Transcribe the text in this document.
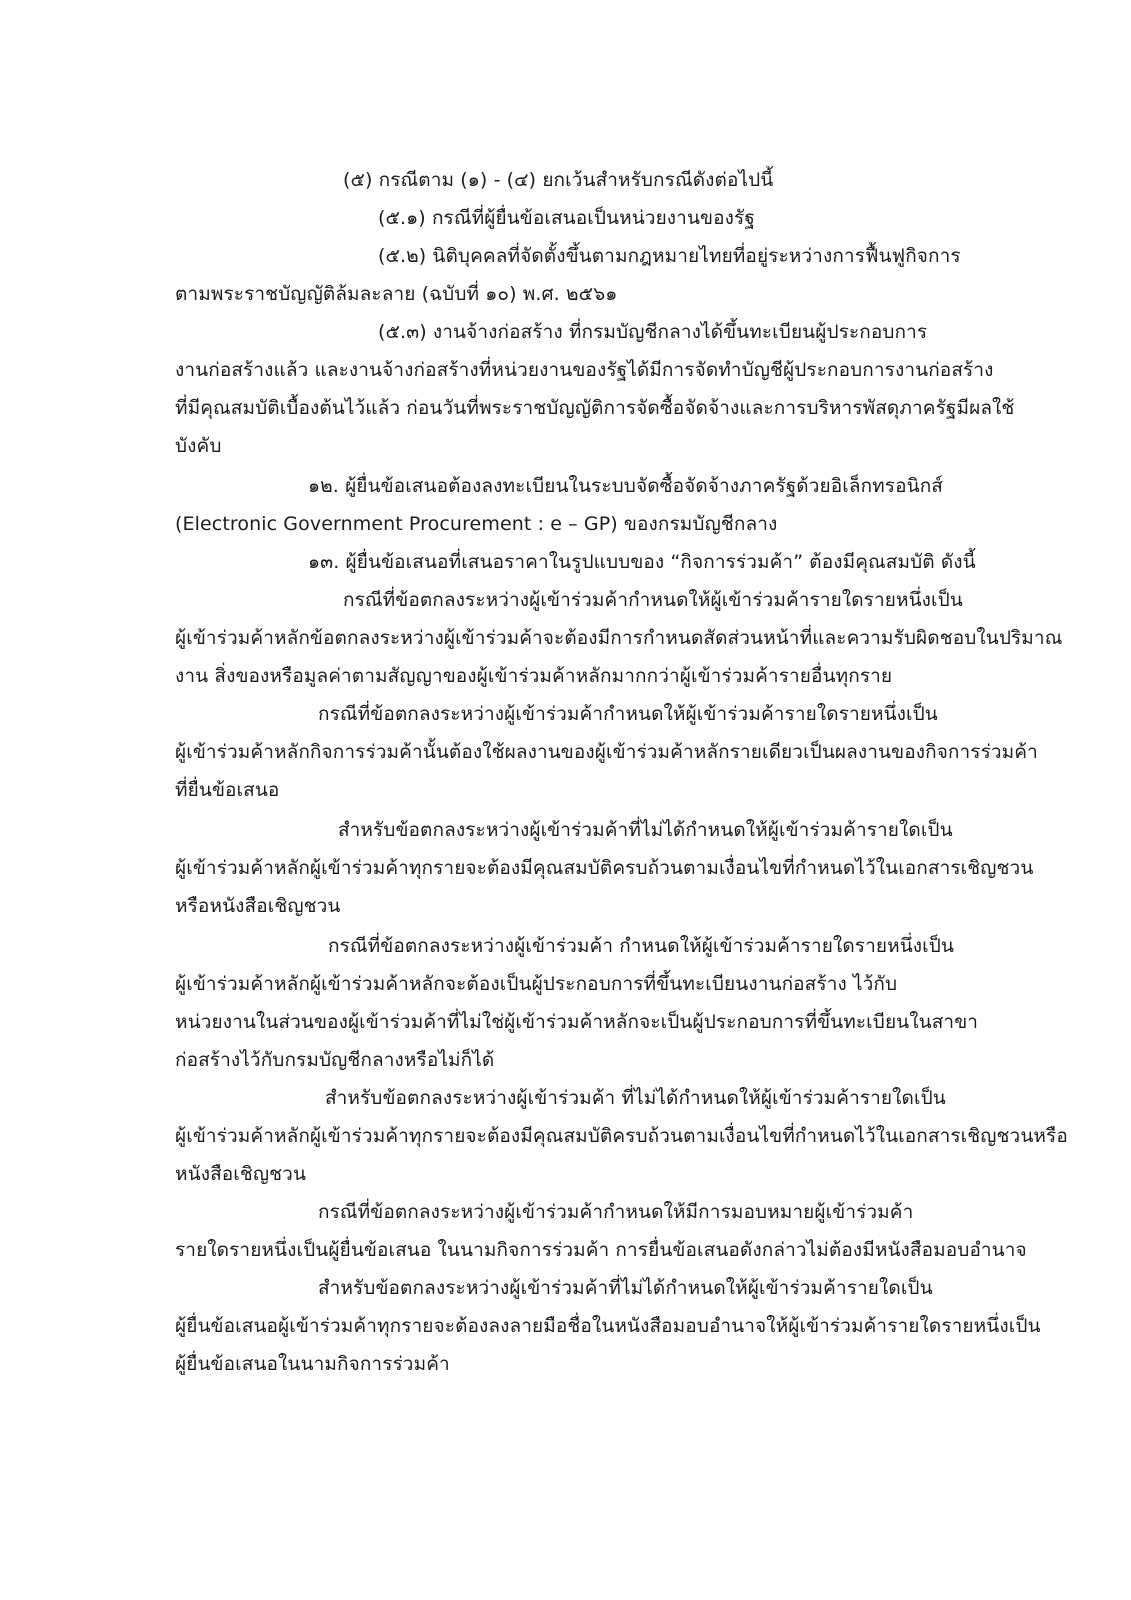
(๕) กรณีตาม (๑) - (๔) ยกเว้นสำหรับกรณีดังต่อไปนี้
(๕.๑) กรณีที่ผู้ยื่นข้อเสนอเป็นหน่วยงานของรัฐ
(๕.๒) นิติบุคคลที่จัดตั้งขึ้นตามกฎหมายไทยที่อยู่ระหว่างการฟื้นฟูกิจการ
ตามพระราชบัญญัติล้มละลาย (ฉบับที่ ๑๐) พ.ศ. ๒๕๖๑
(๕.๓) งานจ้างก่อสร้าง ที่กรมบัญชีกลางได้ขึ้นทะเบียนผู้ประกอบการ
งานก่อสร้างแล้ว และงานจ้างก่อสร้างที่หน่วยงานของรัฐได้มีการจัดทำบัญชีผู้ประกอบการงานก่อสร้าง
ที่มีคุณสมบัติเบื้องต้นไว้แล้ว ก่อนวันที่พระราชบัญญัติการจัดซื้อจัดจ้างและการบริหารพัสดุภาครัฐมีผลใช้
บังคับ
๑๒. ผู้ยื่นข้อเสนอต้องลงทะเบียนในระบบจัดซื้อจัดจ้างภาครัฐด้วยอิเล็กทรอนิกส์
(Electronic Government Procurement : e – GP) ของกรมบัญชีกลาง
๑๓. ผู้ยื่นข้อเสนอที่เสนอราคาในรูปแบบของ “กิจการร่วมค้า” ต้องมีคุณสมบัติ ดังนี้
กรณีที่ข้อตกลงระหว่างผู้เข้าร่วมค้ากำหนดให้ผู้เข้าร่วมค้ารายใดรายหนึ่งเป็น
ผู้เข้าร่วมค้าหลักข้อตกลงระหว่างผู้เข้าร่วมค้าจะต้องมีการกำหนดสัดส่วนหน้าที่และความรับผิดชอบในปริมาณ
งาน สิ่งของหรือมูลค่าตามสัญญาของผู้เข้าร่วมค้าหลักมากกว่าผู้เข้าร่วมค้ารายอื่นทุกราย
กรณีที่ข้อตกลงระหว่างผู้เข้าร่วมค้ากำหนดให้ผู้เข้าร่วมค้ารายใดรายหนึ่งเป็น
ผู้เข้าร่วมค้าหลักกิจการร่วมค้านั้นต้องใช้ผลงานของผู้เข้าร่วมค้าหลักรายเดียวเป็นผลงานของกิจการร่วมค้า
ที่ยื่นข้อเสนอ
สำหรับข้อตกลงระหว่างผู้เข้าร่วมค้าที่ไม่ได้กำหนดให้ผู้เข้าร่วมค้ารายใดเป็น
ผู้เข้าร่วมค้าหลักผู้เข้าร่วมค้าทุกรายจะต้องมีคุณสมบัติครบถ้วนตามเงื่อนไขที่กำหนดไว้ในเอกสารเชิญชวน
หรือหนังสือเชิญชวน
กรณีที่ข้อตกลงระหว่างผู้เข้าร่วมค้า กำหนดให้ผู้เข้าร่วมค้ารายใดรายหนึ่งเป็น
ผู้เข้าร่วมค้าหลักผู้เข้าร่วมค้าหลักจะต้องเป็นผู้ประกอบการที่ขึ้นทะเบียนงานก่อสร้าง ไว้กับ
หน่วยงานในส่วนของผู้เข้าร่วมค้าที่ไม่ใช่ผู้เข้าร่วมค้าหลักจะเป็นผู้ประกอบการที่ขึ้นทะเบียนในสาขา
ก่อสร้างไว้กับกรมบัญชีกลางหรือไม่ก็ได้
สำหรับข้อตกลงระหว่างผู้เข้าร่วมค้า ที่ไม่ได้กำหนดให้ผู้เข้าร่วมค้ารายใดเป็น
ผู้เข้าร่วมค้าหลักผู้เข้าร่วมค้าทุกรายจะต้องมีคุณสมบัติครบถ้วนตามเงื่อนไขที่กำหนดไว้ในเอกสารเชิญชวนหรือ
หนังสือเชิญชวน
กรณีที่ข้อตกลงระหว่างผู้เข้าร่วมค้ากำหนดให้มีการมอบหมายผู้เข้าร่วมค้า
รายใดรายหนึ่งเป็นผู้ยื่นข้อเสนอ ในนามกิจการร่วมค้า การยื่นข้อเสนอดังกล่าวไม่ต้องมีหนังสือมอบอำนาจ
สำหรับข้อตกลงระหว่างผู้เข้าร่วมค้าที่ไม่ได้กำหนดให้ผู้เข้าร่วมค้ารายใดเป็น
ผู้ยื่นข้อเสนอผู้เข้าร่วมค้าทุกรายจะต้องลงลายมือชื่อในหนังสือมอบอำนาจให้ผู้เข้าร่วมค้ารายใดรายหนึ่งเป็น
ผู้ยื่นข้อเสนอในนามกิจการร่วมค้า
